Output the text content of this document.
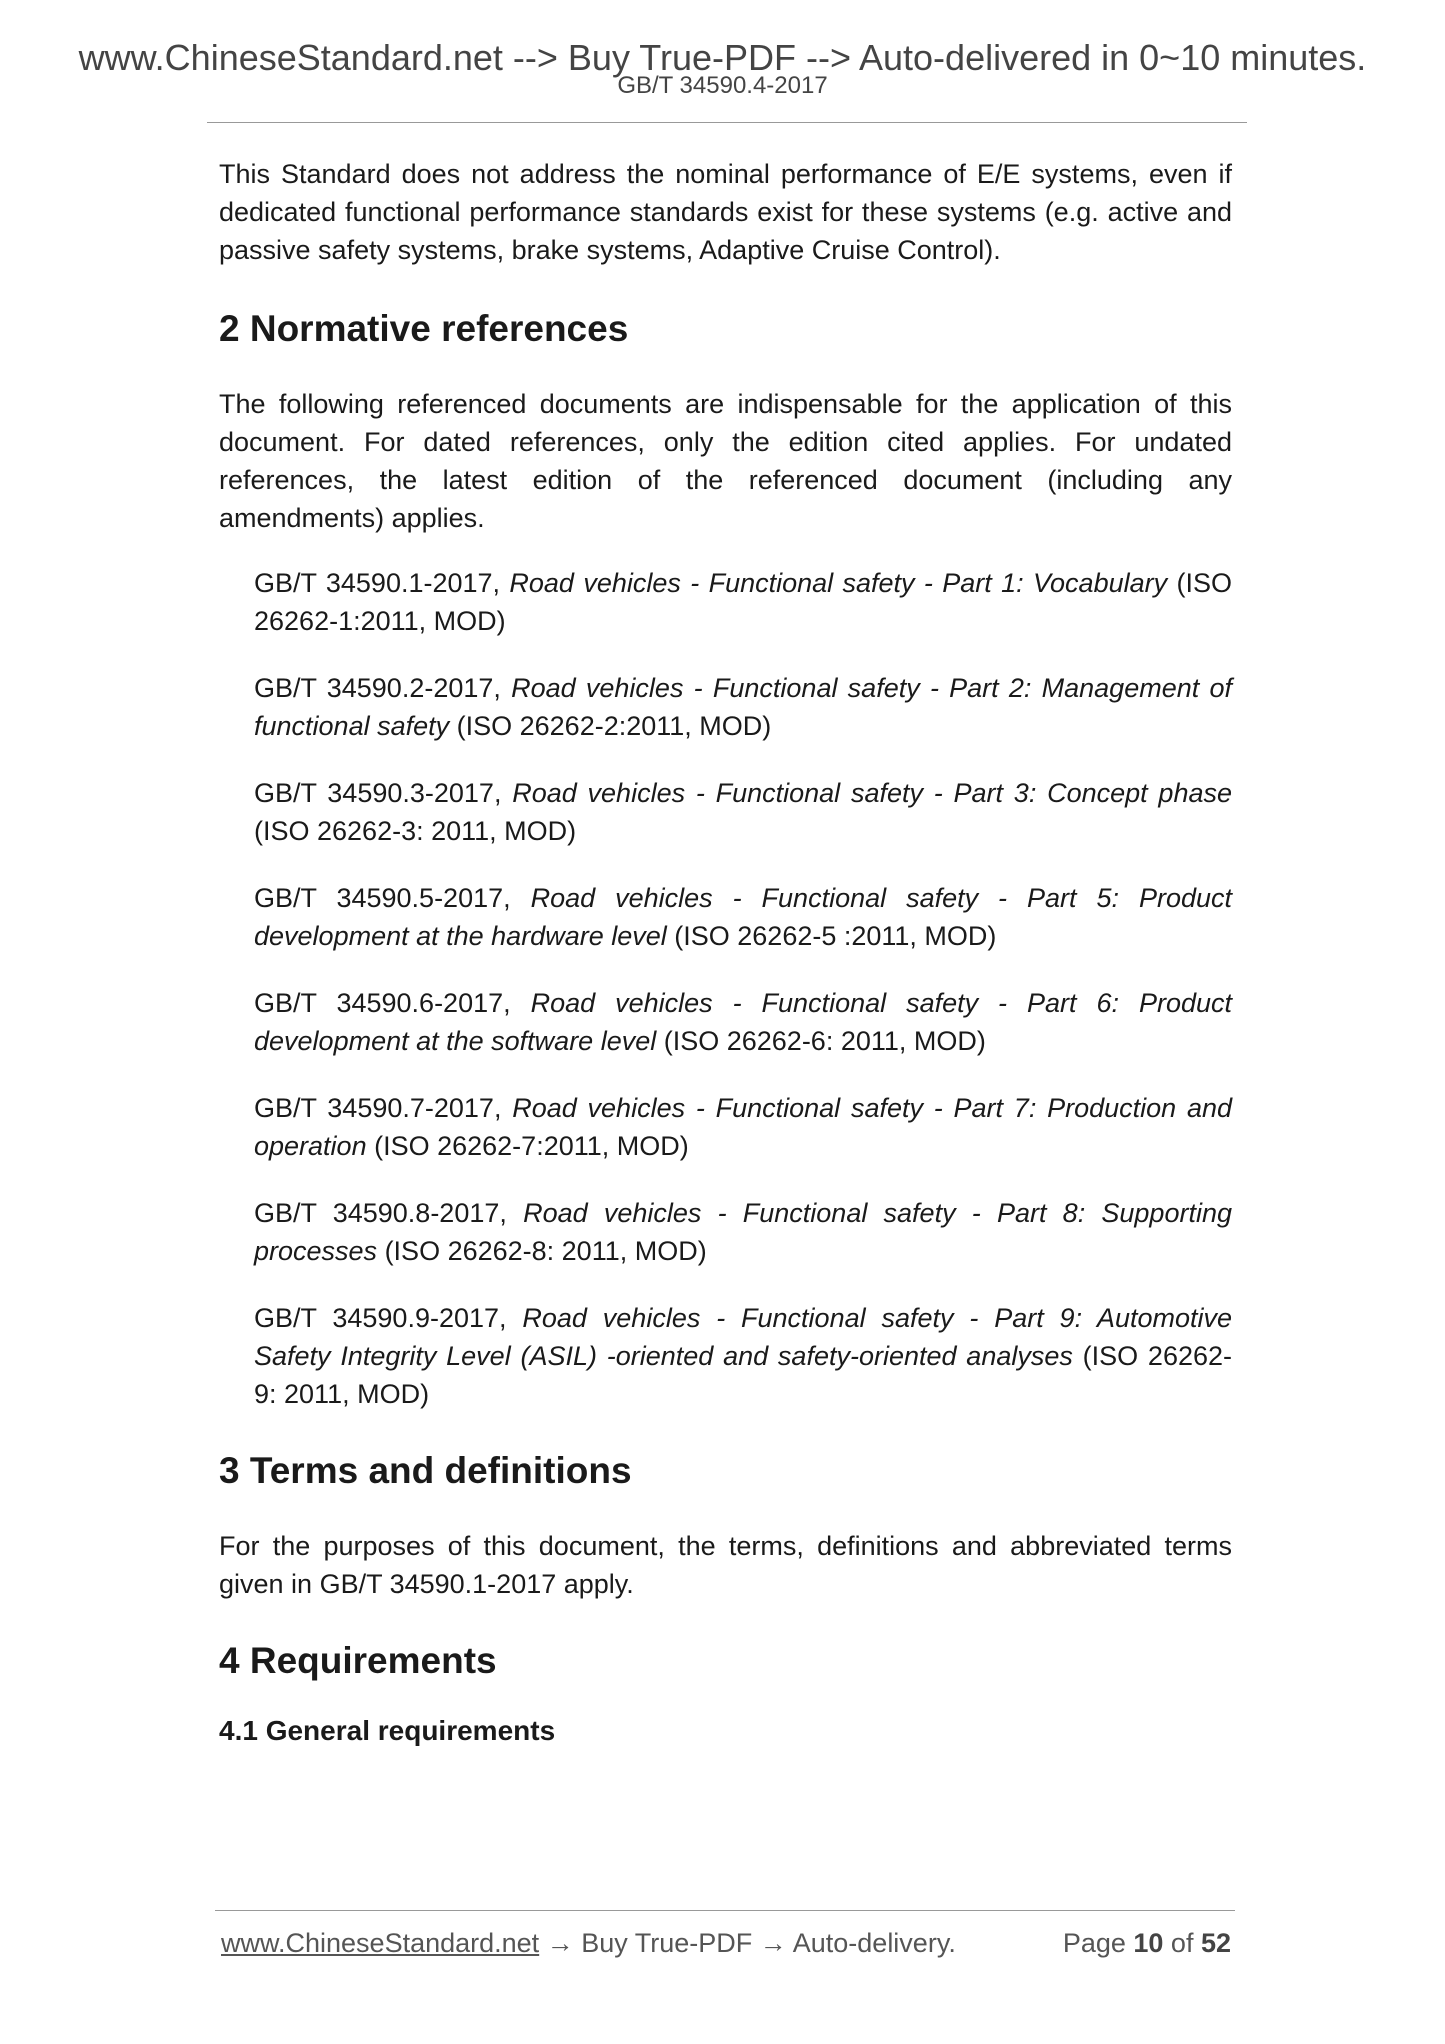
www.ChineseStandard.net --> Buy True-PDF --> Auto-delivered in 0~10 minutes.
GB/T 34590.4-2017

This Standard does not address the nominal performance of E/E systems, even if dedicated functional performance standards exist for these systems (e.g. active and passive safety systems, brake systems, Adaptive Cruise Control).

2 Normative references

The following referenced documents are indispensable for the application of this document. For dated references, only the edition cited applies. For undated references, the latest edition of the referenced document (including any amendments) applies.

GB/T 34590.1-2017, Road vehicles - Functional safety - Part 1: Vocabulary (ISO 26262-1:2011, MOD)

GB/T 34590.2-2017, Road vehicles - Functional safety - Part 2: Management of functional safety (ISO 26262-2:2011, MOD)

GB/T 34590.3-2017, Road vehicles - Functional safety - Part 3: Concept phase (ISO 26262-3: 2011, MOD)

GB/T 34590.5-2017, Road vehicles - Functional safety - Part 5: Product development at the hardware level (ISO 26262-5 :2011, MOD)

GB/T 34590.6-2017, Road vehicles - Functional safety - Part 6: Product development at the software level (ISO 26262-6: 2011, MOD)

GB/T 34590.7-2017, Road vehicles - Functional safety - Part 7: Production and operation (ISO 26262-7:2011, MOD)

GB/T 34590.8-2017, Road vehicles - Functional safety - Part 8: Supporting processes (ISO 26262-8: 2011, MOD)

GB/T 34590.9-2017, Road vehicles - Functional safety - Part 9: Automotive Safety Integrity Level (ASIL) -oriented and safety-oriented analyses (ISO 26262-9: 2011, MOD)

3 Terms and definitions

For the purposes of this document, the terms, definitions and abbreviated terms given in GB/T 34590.1-2017 apply.

4 Requirements
4.1 General requirements
www.ChineseStandard.net → Buy True-PDF → Auto-delivery.	Page 10 of 52
